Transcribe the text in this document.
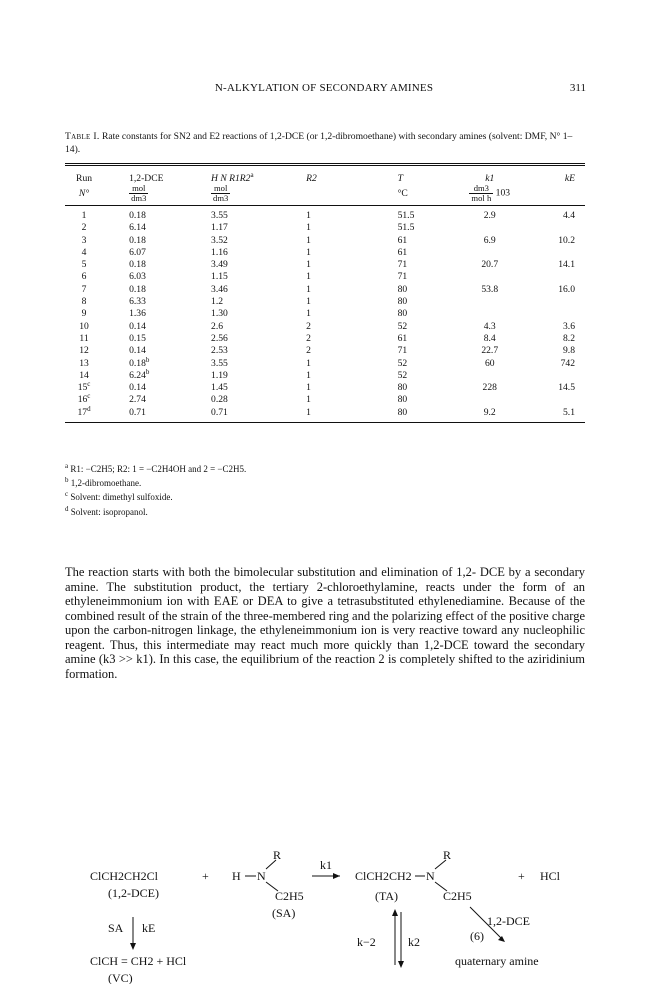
N-ALKYLATION OF SECONDARY AMINES	311
Table I. Rate constants for SN2 and E2 reactions of 1,2-DCE (or 1,2-dibromoethane) with secondary amines (solvent: DMF, N° 1–14).
Run	1,2-DCE	H N R1R2$^a$	R2	T	k1	kE
N°	$\frac{\text{mol}}{dm3}$	$\frac{\text{mol}}{dm3}$		°C	$\frac{dm3}{\text{mol h}} 103$	
1	0.18	3.55	1	51.5	2.9	4.4
2	6.14	1.17	1	51.5		
3	0.18	3.52	1	61	6.9	10.2
4	6.07	1.16	1	61		
5	0.18	3.49	1	71	20.7	14.1
6	6.03	1.15	1	71		
7	0.18	3.46	1	80	53.8	16.0
8	6.33	1.2	1	80		
9	1.36	1.30	1	80		
10	0.14	2.6	2	52	4.3	3.6
11	0.15	2.56	2	61	8.4	8.2
12	0.14	2.53	2	71	22.7	9.8
13	0.18$^b$	3.55	1	52	60	742
14	6.24$^b$	1.19	1	52		
15$^c$	0.14	1.45	1	80	228	14.5
16$^c$	2.74	0.28	1	80		
17$^d$	0.71	0.71	1	80	9.2	5.1
$^a$ R1: −C2H5; R2: 1 = −C2H4OH and 2 = −C2H5.
$^b$ 1,2-dibromoethane.
$^c$ Solvent: dimethyl sulfoxide.
$^d$ Solvent: isopropanol.
The reaction starts with both the bimolecular substitution and elimination of 1,2- DCE by a secondary amine. The substitution product, the tertiary 2-chloroethylamine, reacts under the form of an ethyleneimmonium ion with EAE or DEA to give a tetrasubstituted ethylenediamine. Because of the combined result of the strain of the three-membered ring and the polarizing effect of the positive charge upon the carbon-nitrogen linkage, the ethyleneimmonium ion is very reactive toward any nucleophilic reagent. Thus, this intermediate may react much more quickly than 1,2-DCE toward the secondary amine (k3 >> k1). In this case, the equilibrium of the reaction 2 is completely shifted to the aziridinium formation.
ClCH2CH2Cl
(1,2-DCE)
+ H N
R
C2H5
(SA)
k1
ClCH2CH2 N
R
C2H5
(TA)
+ HCl
SA kE
ClCH = CH2 + HCl
(VC)
k−2	k2
1,2-DCE
(6)
quaternary amine
